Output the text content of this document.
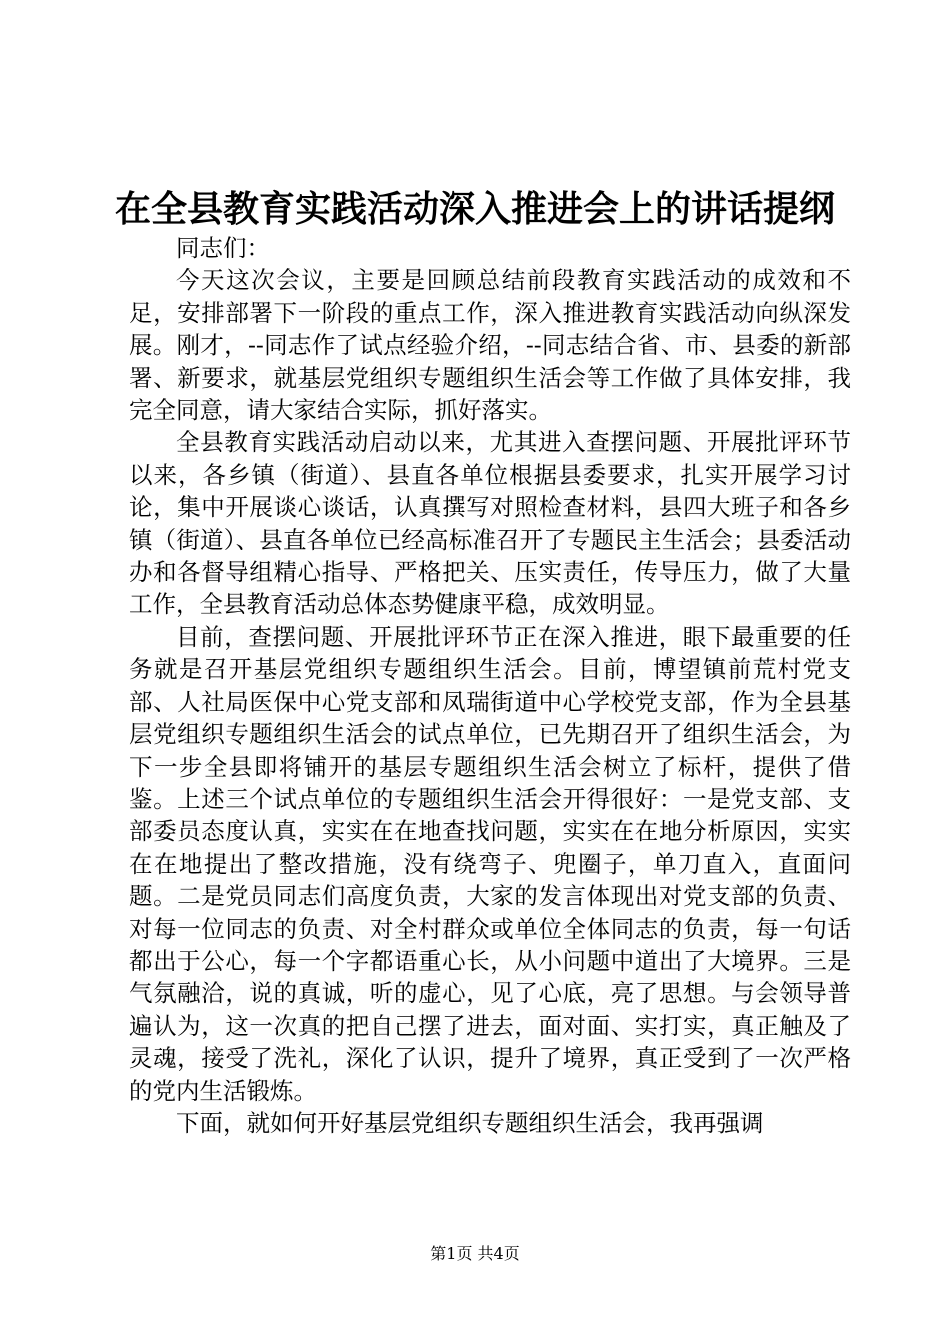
在全县教育实践活动深入推进会上的讲话提纲

同志们：

今天这次会议，主要是回顾总结前段教育实践活动的成效和不足，安排部署下一阶段的重点工作，深入推进教育实践活动向纵深发展。刚才，--同志作了试点经验介绍，--同志结合省、市、县委的新部署、新要求，就基层党组织专题组织生活会等工作做了具体安排，我完全同意，请大家结合实际，抓好落实。

全县教育实践活动启动以来，尤其进入查摆问题、开展批评环节以来，各乡镇（街道）、县直各单位根据县委要求，扎实开展学习讨论，集中开展谈心谈话，认真撰写对照检查材料，县四大班子和各乡镇（街道）、县直各单位已经高标准召开了专题民主生活会；县委活动办和各督导组精心指导、严格把关、压实责任，传导压力，做了大量工作，全县教育活动总体态势健康平稳，成效明显。

目前，查摆问题、开展批评环节正在深入推进，眼下最重要的任务就是召开基层党组织专题组织生活会。目前，博望镇前荒村党支部、人社局医保中心党支部和凤瑞街道中心学校党支部，作为全县基层党组织专题组织生活会的试点单位，已先期召开了组织生活会，为下一步全县即将铺开的基层专题组织生活会树立了标杆，提供了借鉴。上述三个试点单位的专题组织生活会开得很好：一是党支部、支部委员态度认真，实实在在地查找问题，实实在在地分析原因，实实在在地提出了整改措施，没有绕弯子、兜圈子，单刀直入，直面问题。二是党员同志们高度负责，大家的发言体现出对党支部的负责、对每一位同志的负责、对全村群众或单位全体同志的负责，每一句话都出于公心，每一个字都语重心长，从小问题中道出了大境界。三是气氛融洽，说的真诚，听的虚心，见了心底，亮了思想。与会领导普遍认为，这一次真的把自己摆了进去，面对面、实打实，真正触及了灵魂，接受了洗礼，深化了认识，提升了境界，真正受到了一次严格的党内生活锻炼。

下面，就如何开好基层党组织专题组织生活会，我再强调

第1页 共4页
